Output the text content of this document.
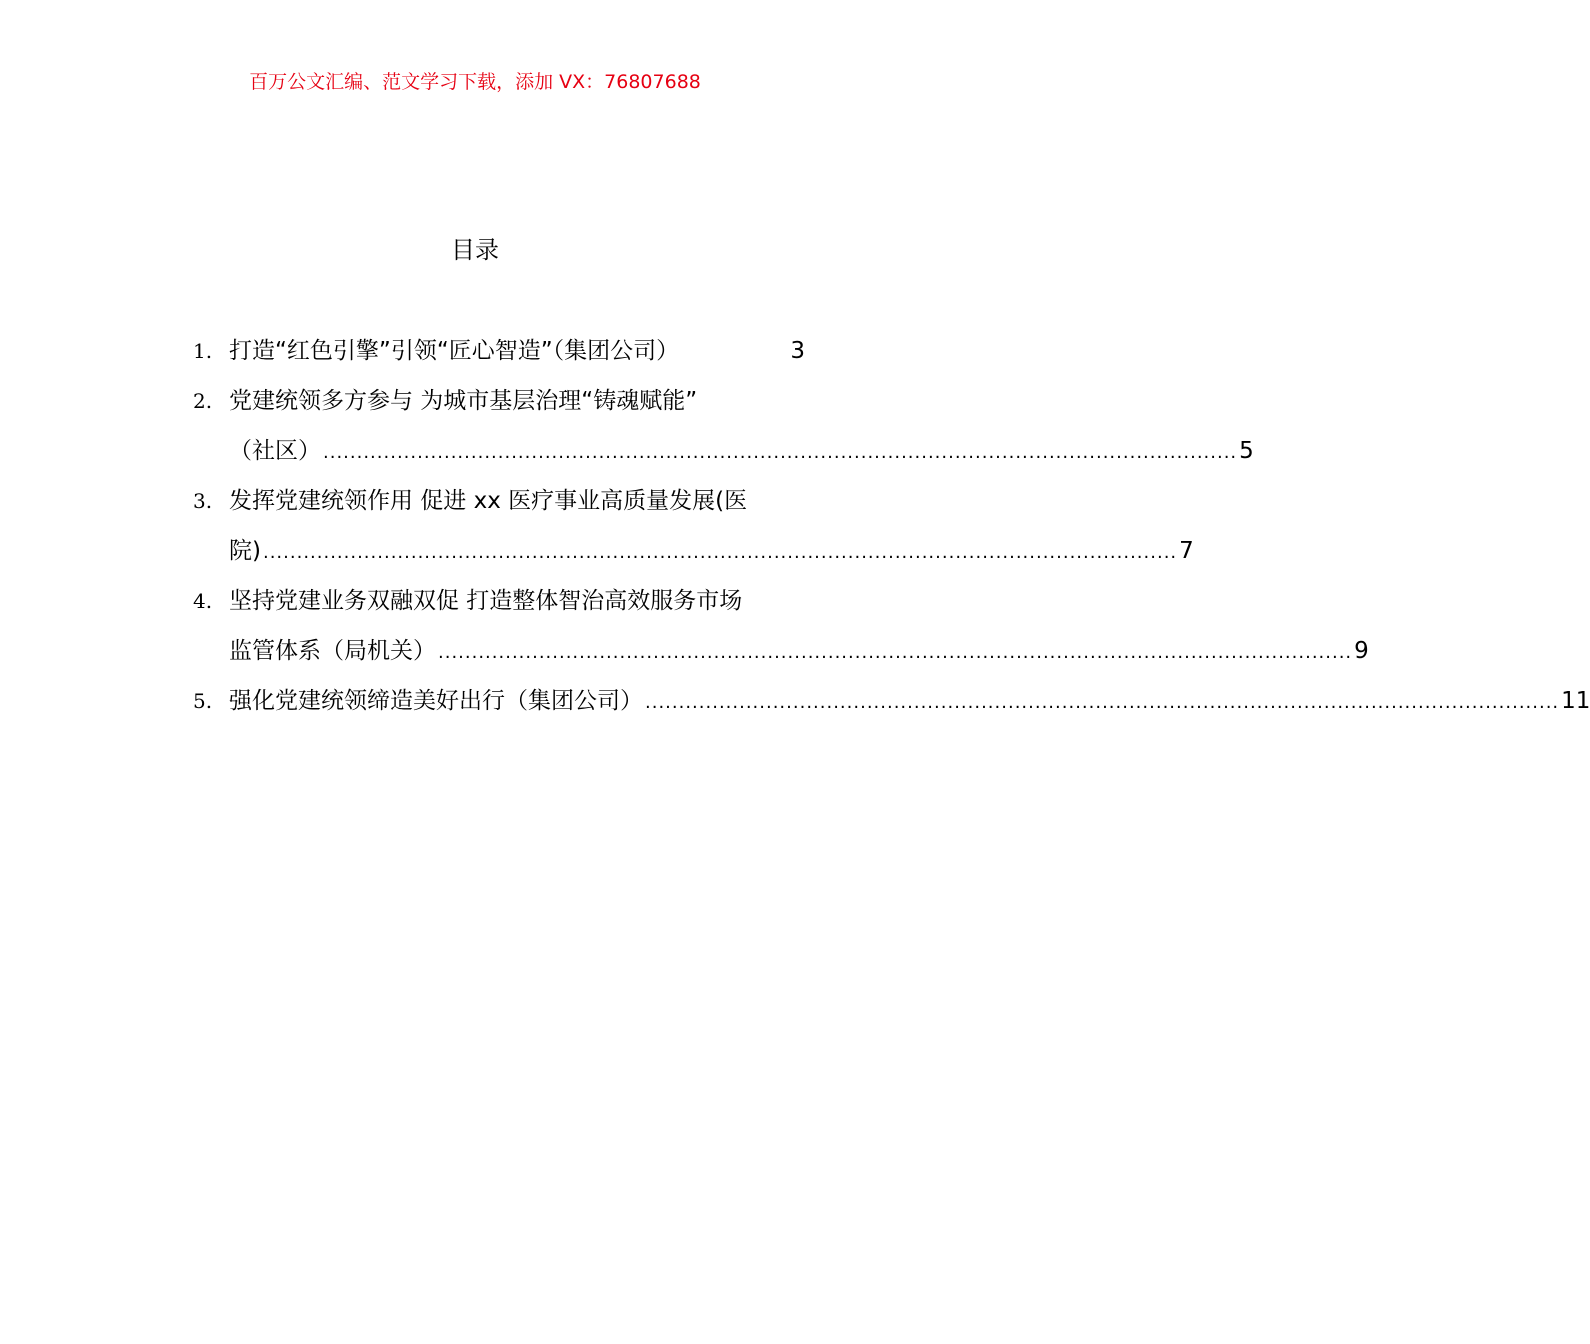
百万公文汇编、范文学习下载，添加 VX：76807688
目录
1. 打造“红色引擎”引领“匠心智造”（集团公司）	3
2. 党建统领多方参与 为城市基层治理“铸魂赋能”
（社区） ........................................................................................................................................ 5
3. 发挥党建统领作用 促进 xx 医疗事业高质量发展(医
院) ........................................................................................................................................ 7
4. 坚持党建业务双融双促 打造整体智治高效服务市场
监管体系（局机关） ........................................................................................................................................ 9
5. 强化党建统领缔造美好出行（集团公司） ........................................................................................................................................ 11
